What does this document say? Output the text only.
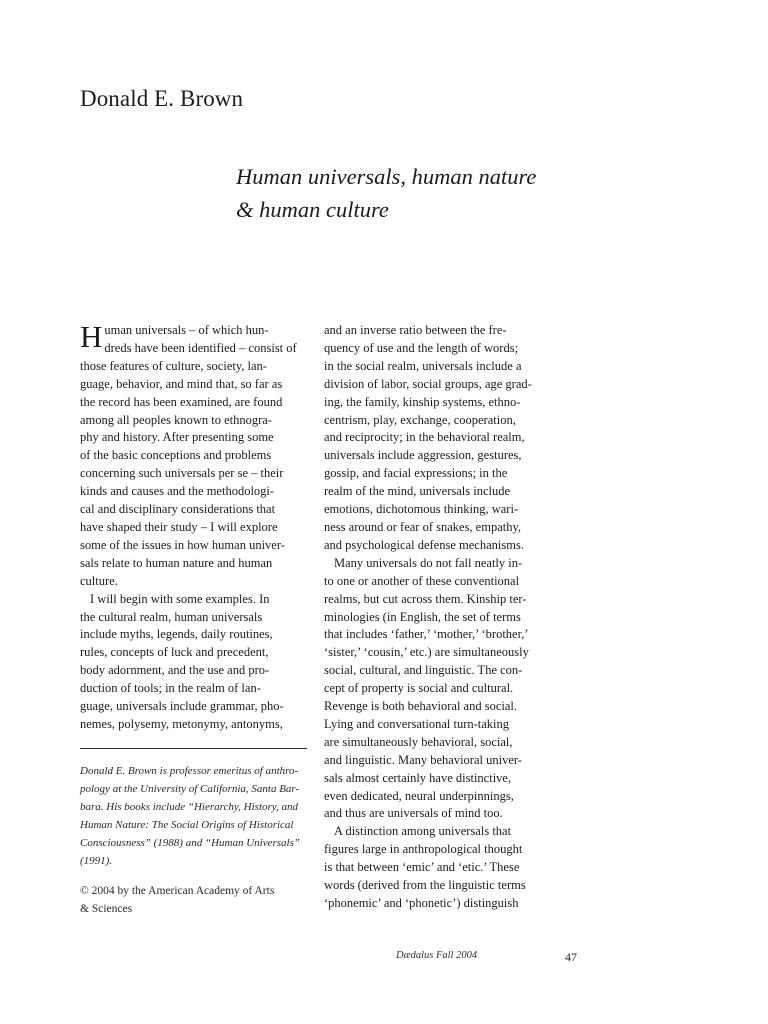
Donald E. Brown
Human universals, human nature
& human culture
H uman universals – of which hun-
dreds have been identified – consist of
those features of culture, society, lan-
guage, behavior, and mind that, so far as
the record has been examined, are found
among all peoples known to ethnogra-
phy and history. After presenting some
of the basic conceptions and problems
concerning such universals per se – their
kinds and causes and the methodologi-
cal and disciplinary considerations that
have shaped their study – I will explore
some of the issues in how human univer-
sals relate to human nature and human
culture.
I will begin with some examples. In
the cultural realm, human universals
include myths, legends, daily routines,
rules, concepts of luck and precedent,
body adornment, and the use and pro-
duction of tools; in the realm of lan-
guage, universals include grammar, pho-
nemes, polysemy, metonymy, antonyms,
and an inverse ratio between the fre-
quency of use and the length of words;
in the social realm, universals include a
division of labor, social groups, age grad-
ing, the family, kinship systems, ethno-
centrism, play, exchange, cooperation,
and reciprocity; in the behavioral realm,
universals include aggression, gestures,
gossip, and facial expressions; in the
realm of the mind, universals include
emotions, dichotomous thinking, wari-
ness around or fear of snakes, empathy,
and psychological defense mechanisms.
Many universals do not fall neatly in-
to one or another of these conventional
realms, but cut across them. Kinship ter-
minologies (in English, the set of terms
that includes ‘father,’ ‘mother,’ ‘brother,’
‘sister,’ ‘cousin,’ etc.) are simultaneously
social, cultural, and linguistic. The con-
cept of property is social and cultural.
Revenge is both behavioral and social.
Lying and conversational turn-taking
are simultaneously behavioral, social,
and linguistic. Many behavioral univer-
sals almost certainly have distinctive,
even dedicated, neural underpinnings,
and thus are universals of mind too.
A distinction among universals that
figures large in anthropological thought
is that between ‘emic’ and ‘etic.’ These
words (derived from the linguistic terms
‘phonemic’ and ‘phonetic’) distinguish
Donald E. Brown is professor emeritus of anthro-
pology at the University of California, Santa Bar-
bara. His books include “Hierarchy, History, and
Human Nature: The Social Origins of Historical
Consciousness” (1988) and “Human Universals”
(1991).
© 2004 by the American Academy of Arts
& Sciences
Dædalus Fall 2004	47
